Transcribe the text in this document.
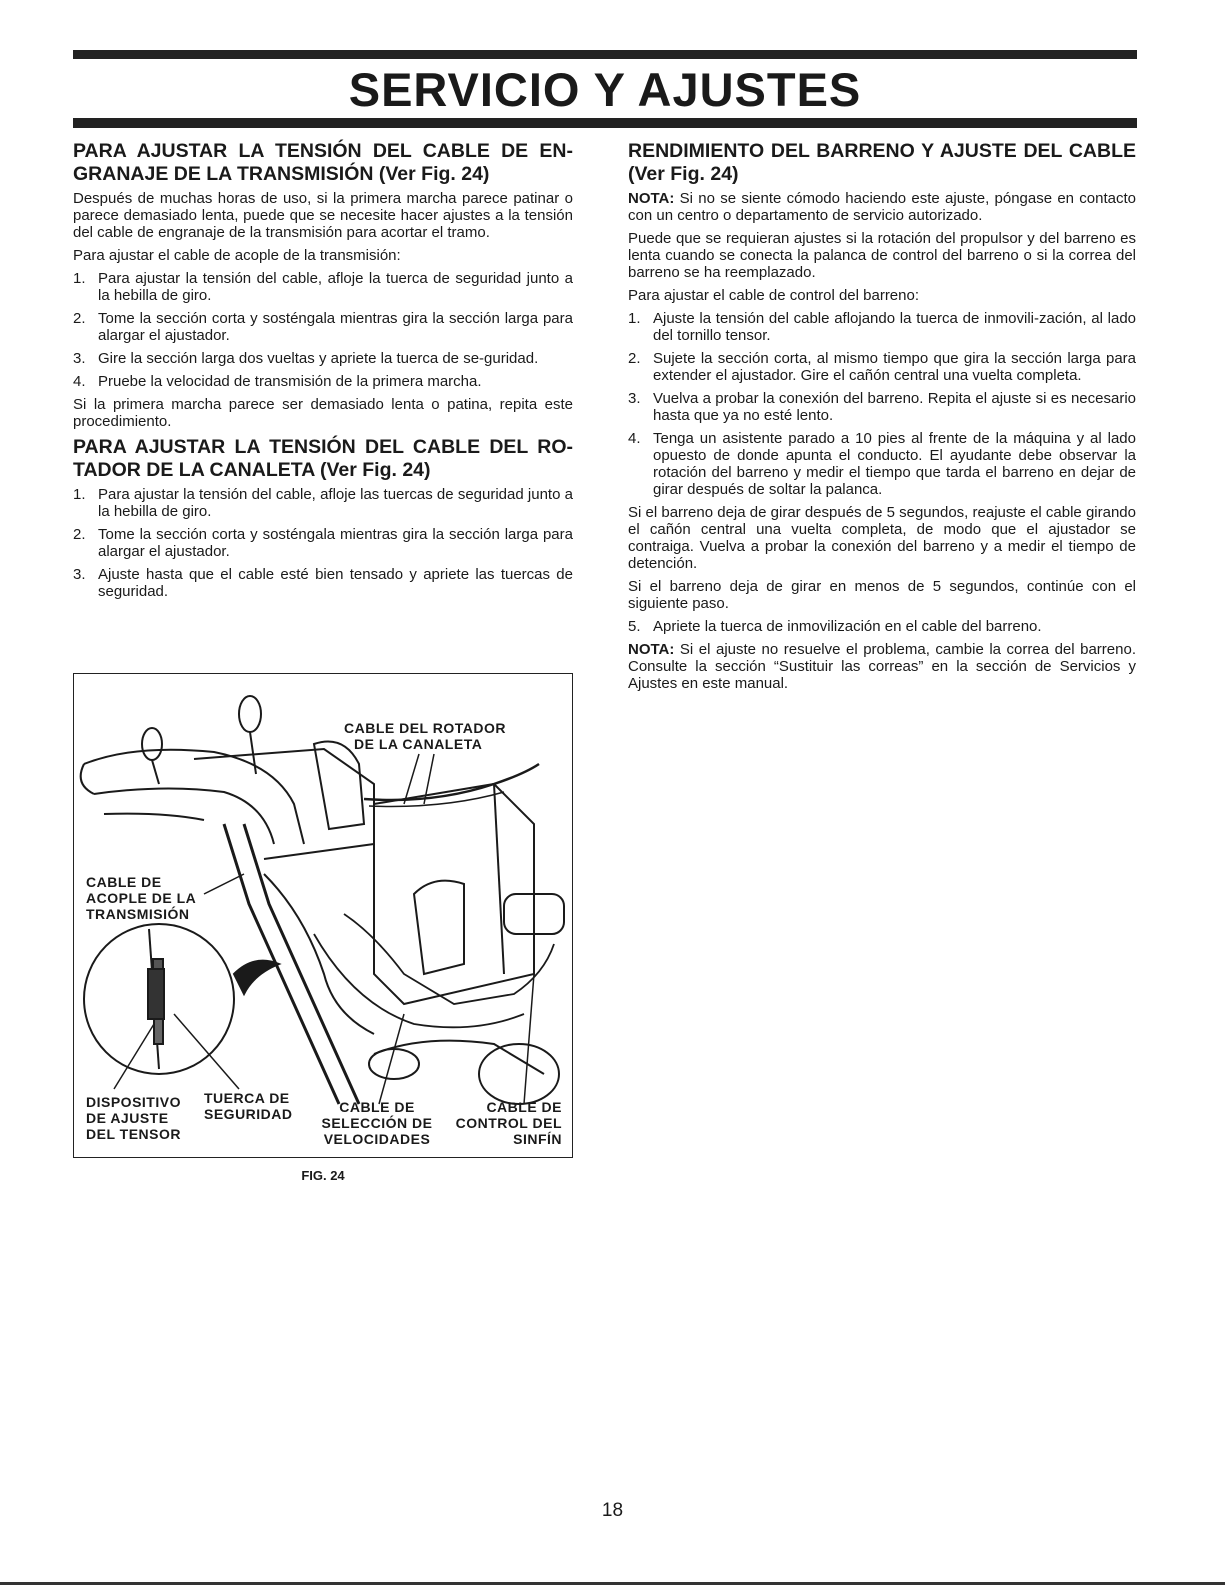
SERVICIO Y AJUSTES
PARA AJUSTAR LA TENSIÓN DEL CABLE DE EN-GRANAJE DE LA TRANSMISIÓN (Ver Fig. 24)

Después de muchas horas de uso, si la primera marcha parece patinar o parece demasiado lenta, puede que se necesite hacer ajustes a la tensión del cable de engranaje de la transmisión para acortar el tramo.

Para ajustar el cable de acople de la transmisión:

1. Para ajustar la tensión del cable, afloje la tuerca de seguridad junto a la hebilla de giro.
2. Tome la sección corta y sosténgala mientras gira la sección larga para alargar el ajustador.
3. Gire la sección larga dos vueltas y apriete la tuerca de se-guridad.
4. Pruebe la velocidad de transmisión de la primera marcha.

Si la primera marcha parece ser demasiado lenta o patina, repita este procedimiento.

PARA AJUSTAR LA TENSIÓN DEL CABLE DEL RO-TADOR DE LA CANALETA (Ver Fig. 24)
1. Para ajustar la tensión del cable, afloje las tuercas de seguridad junto a la hebilla de giro.
2. Tome la sección corta y sosténgala mientras gira la sección larga para alargar el ajustador.
3. Ajuste hasta que el cable esté bien tensado y apriete las tuercas de seguridad.
CABLE DEL ROTADOR
DE LA CANALETA
CABLE DE
ACOPLE DE LA
TRANSMISIÓN
DISPOSITIVO
DE AJUSTE
DEL TENSOR
TUERCA DE
SEGURIDAD	CABLE DE
SELECCIÓN DE
VELOCIDADES
CABLE DE
CONTROL DEL
SINFÍN
FIG. 24
RENDIMIENTO DEL BARRENO Y AJUSTE DEL CABLE (Ver Fig. 24)

NOTA: Si no se siente cómodo haciendo este ajuste, póngase en contacto con un centro o departamento de servicio autorizado.

Puede que se requieran ajustes si la rotación del propulsor y del barreno es lenta cuando se conecta la palanca de control del barreno o si la correa del barreno se ha reemplazado.

Para ajustar el cable de control del barreno:

1. Ajuste la tensión del cable aflojando la tuerca de inmovili-zación, al lado del tornillo tensor.
2. Sujete la sección corta, al mismo tiempo que gira la sección larga para extender el ajustador. Gire el cañón central una vuelta completa.
3. Vuelva a probar la conexión del barreno. Repita el ajuste si es necesario hasta que ya no esté lento.
4. Tenga un asistente parado a 10 pies al frente de la máquina y al lado opuesto de donde apunta el conducto. El ayudante debe observar la rotación del barreno y medir el tiempo que tarda el barreno en dejar de girar después de soltar la palanca.

Si el barreno deja de girar después de 5 segundos, reajuste el cable girando el cañón central una vuelta completa, de modo que el ajustador se contraiga. Vuelva a probar la conexión del barreno y a medir el tiempo de detención.

Si el barreno deja de girar en menos de 5 segundos, continúe con el siguiente paso.

5. Apriete la tuerca de inmovilización en el cable del barreno.

NOTA: Si el ajuste no resuelve el problema, cambie la correa del barreno. Consulte la sección “Sustituir las correas” en la sección de Servicios y Ajustes en este manual.

18
